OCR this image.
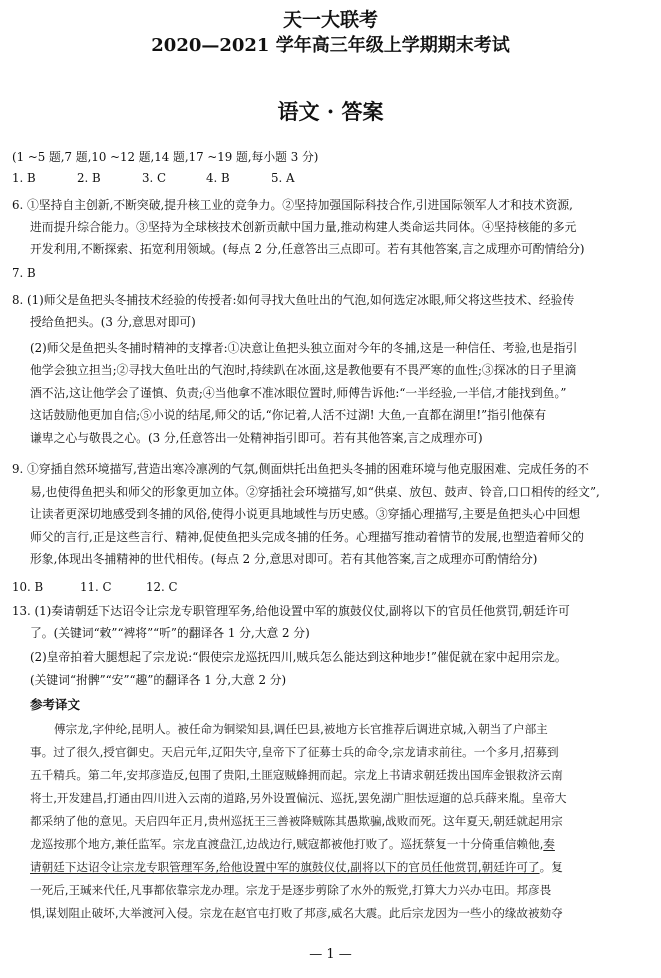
天一大联考
2020—2021 学年高三年级上学期期末考试
语文 · 答案
(1 ~5 题,7 题,10 ~12 题,14 题,17 ~19 题,每小题 3 分)
1. B	2. B	3. C	4. B	5. A
6. ①坚持自主创新,不断突破,提升核工业的竞争力。②坚持加强国际科技合作,引进国际领军人才和技术资源,
进而提升综合能力。③坚持为全球核技术创新贡献中国力量,推动构建人类命运共同体。④坚持核能的多元
开发利用,不断探索、拓宽利用领域。(每点 2 分,任意答出三点即可。若有其他答案,言之成理亦可酌情给分)
7. B
8. (1)师父是鱼把头冬捕技术经验的传授者:如何寻找大鱼吐出的气泡,如何选定冰眼,师父将这些技术、经验传
授给鱼把头。(3 分,意思对即可)
(2)师父是鱼把头冬捕时精神的支撑者:①决意让鱼把头独立面对今年的冬捕,这是一种信任、考验,也是指引
他学会独立担当;②寻找大鱼吐出的气泡时,持续趴在冰面,这是教他要有不畏严寒的血性;③探冰的日子里滴
酒不沾,这让他学会了谨慎、负责;④当他拿不准冰眼位置时,师傅告诉他:“一半经验,一半信,才能找到鱼。”
这话鼓励他更加自信;⑤小说的结尾,师父的话,“你记着,人活不过湖! 大鱼,一直都在湖里!”指引他葆有
谦卑之心与敬畏之心。(3 分,任意答出一处精神指引即可。若有其他答案,言之成理亦可)
9. ①穿插自然环境描写,营造出寒冷凛冽的气氛,侧面烘托出鱼把头冬捕的困难环境与他克服困难、完成任务的不
易,也使得鱼把头和师父的形象更加立体。②穿插社会环境描写,如“供桌、放包、鼓声、铃音,口口相传的经文”,
让读者更深切地感受到冬捕的风俗,使得小说更具地域性与历史感。③穿插心理描写,主要是鱼把头心中回想
师父的言行,正是这些言行、精神,促使鱼把头完成冬捕的任务。心理描写推动着情节的发展,也塑造着师父的
形象,体现出冬捕精神的世代相传。(每点 2 分,意思对即可。若有其他答案,言之成理亦可酌情给分)
10. B	11. C	12. C
13. (1)奏请朝廷下达诏令让宗龙专职管理军务,给他设置中军的旗鼓仪仗,副将以下的官员任他赏罚,朝廷许可
了。(关键词“敕”“裨将”“听”的翻译各 1 分,大意 2 分)
(2)皇帝拍着大腿想起了宗龙说:“假使宗龙巡抚四川,贼兵怎么能达到这种地步!”催促就在家中起用宗龙。
(关键词“拊髀”“安”“趣”的翻译各 1 分,大意 2 分)
参考译文
傅宗龙,字仲纶,昆明人。被任命为铜梁知县,调任巴县,被地方长官推荐后调进京城,入朝当了户部主
事。过了很久,授官御史。天启元年,辽阳失守,皇帝下了征募士兵的命令,宗龙请求前往。一个多月,招募到
五千精兵。第二年,安邦彦造反,包围了贵阳,土匪寇贼蜂拥而起。宗龙上书请求朝廷拨出国库金银救济云南
将士,开发建昌,打通由四川进入云南的道路,另外设置偏沅、巡抚,罢免湖广胆怯逗遛的总兵薛来胤。皇帝大
都采纳了他的意见。天启四年正月,贵州巡抚王三善被降贼陈其愚欺骗,战败而死。这年夏天,朝廷就起用宗
龙巡按那个地方,兼任监军。宗龙直渡盘江,边战边行,贼寇都被他打败了。巡抚蔡复一十分倚重信赖他,奏
请朝廷下达诏令让宗龙专职管理军务,给他设置中军的旗鼓仪仗,副将以下的官员任他赏罚,朝廷许可了。复
一死后,王瑊来代任,凡事都依靠宗龙办理。宗龙于是逐步剪除了水外的叛党,打算大力兴办屯田。邦彦畏
惧,谋划阻止破坏,大举渡河入侵。宗龙在赵官屯打败了邦彦,威名大震。此后宗龙因为一些小的缘故被劾夺
— 1 —
